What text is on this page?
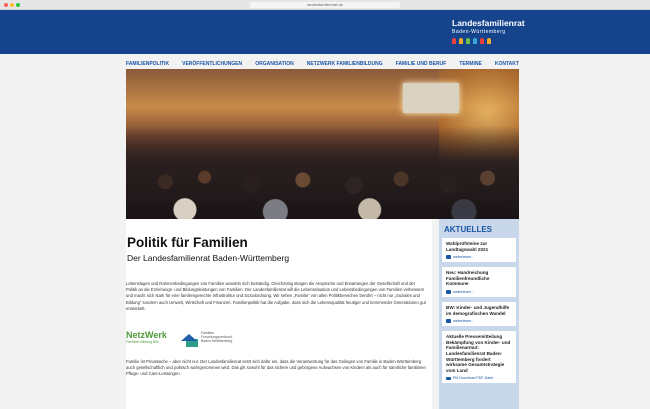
landesfamilienrat.de
Landesfamilienrat
Baden-Württemberg
FAMILIENPOLITIK	VERÖFFENTLICHUNGEN	ORGANISATION	NETZWERK FAMILIENBILDUNG	FAMILIE UND BERUF	TERMINE	KONTAKT
Politik für Familien
Der Landesfamilienrat Baden-Württemberg

Lebenslagen und Rahmenbedingungen von Familien wandeln sich beständig. Gleichzeitig steigen die Ansprüche und Erwartungen der Gesellschaft und der Politik an die Erziehungs- und Bildungsleistungen von Familien. Der Landesfamilienrat will die Lebenssituation und Lebensbedingungen von Familien verbessern und macht sich stark für eine familiengerechte Infrastruktur und Sozialordnung. Wir sehen „Familie“ von allen Politikbereichen berührt – nicht nur „Soziales und Bildung“ sondern auch Umwelt, Wirtschaft und Finanzen. Familienpolitik hat die Aufgabe, dass sich die Lebensqualität heutiger und kommender Generationen gut entwickelt.

NetzWerk
Familien-Bildung BW
Familien Forschungsverbund Baden-Württemberg

Familie ist Privatsache – aber nicht nur. Der Landesfamilienrat setzt sich dafür ein, dass die Verantwortung für das Gelingen von Familie in Baden-Württemberg auch gesellschaftlich und politisch wahrgenommen wird. Das gilt sowohl für das sichere und geborgene Aufwachsen von Kindern als auch für sämtliche familiären Pflege- und Care-Leistungen.

AKTUELLES
Wahlprüfsteine zur Landtagswahl 2021
weiterlesen...
Neu: Handreichung Familienfreundliche Kommune
weiterlesen...
BW: Kinder- und Jugendhilfe im demografischen Wandel
weiterlesen...
Aktuelle Pressemitteilung Bekämpfung von Kinder- und Familienarmut: Landesfamilienrat Baden-Württemberg fordert wirksame Gesamtstrategie vom Land
PM Download PDF-Datei
